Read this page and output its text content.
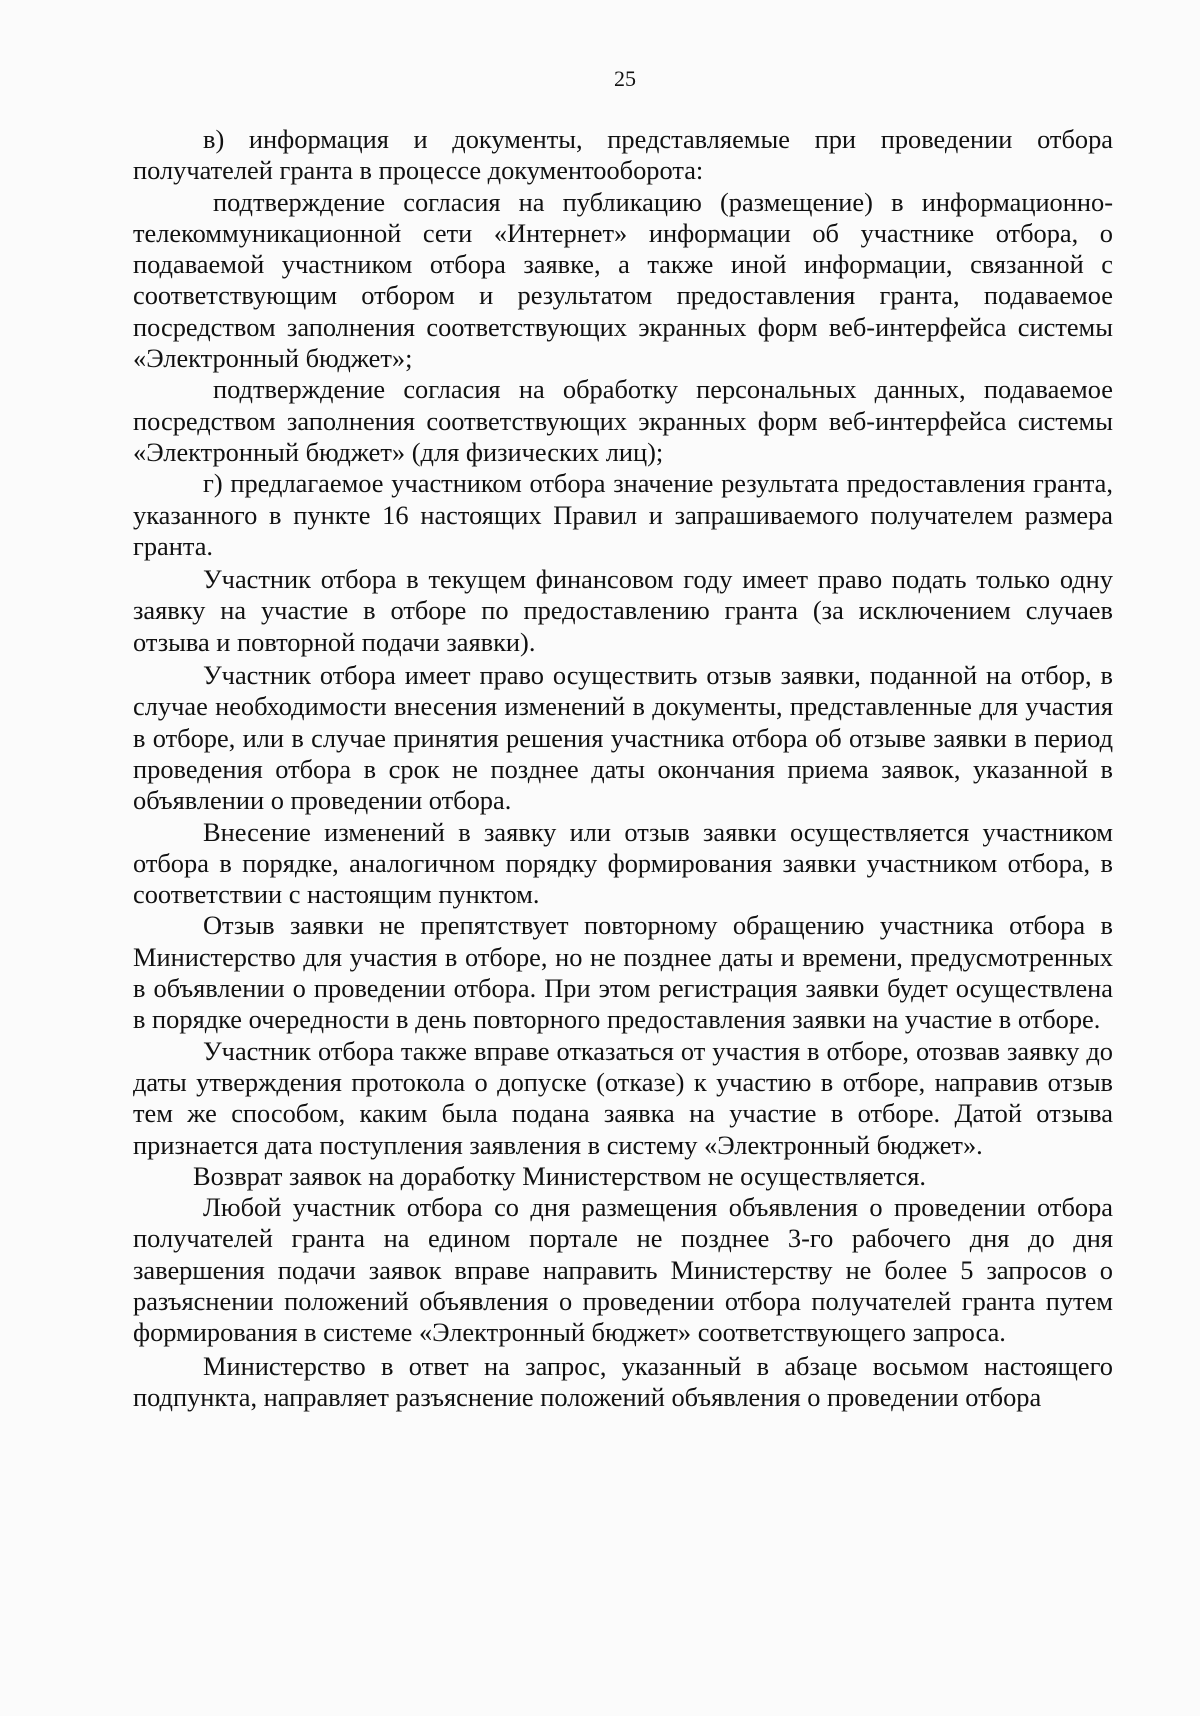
25

в) информация и документы, представляемые при проведении отбора получателей гранта в процессе документооборота:

подтверждение согласия на публикацию (размещение) в информационно-телекоммуникационной сети «Интернет» информации об участнике отбора, о подаваемой участником отбора заявке, а также иной информации, связанной с соответствующим отбором и результатом предоставления гранта, подаваемое посредством заполнения соответствующих экранных форм веб-интерфейса системы «Электронный бюджет»;

подтверждение согласия на обработку персональных данных, подаваемое посредством заполнения соответствующих экранных форм веб-интерфейса системы «Электронный бюджет» (для физических лиц);

г) предлагаемое участником отбора значение результата предоставления гранта, указанного в пункте 16 настоящих Правил и запрашиваемого получателем размера гранта.

Участник отбора в текущем финансовом году имеет право подать только одну заявку на участие в отборе по предоставлению гранта (за исключением случаев отзыва и повторной подачи заявки).

Участник отбора имеет право осуществить отзыв заявки, поданной на отбор, в случае необходимости внесения изменений в документы, представленные для участия в отборе, или в случае принятия решения участника отбора об отзыве заявки в период проведения отбора в срок не позднее даты окончания приема заявок, указанной в объявлении о проведении отбора.

Внесение изменений в заявку или отзыв заявки осуществляется участником отбора в порядке, аналогичном порядку формирования заявки участником отбора, в соответствии с настоящим пунктом.

Отзыв заявки не препятствует повторному обращению участника отбора в Министерство для участия в отборе, но не позднее даты и времени, предусмотренных в объявлении о проведении отбора. При этом регистрация заявки будет осуществлена в порядке очередности в день повторного предоставления заявки на участие в отборе.

Участник отбора также вправе отказаться от участия в отборе, отозвав заявку до даты утверждения протокола о допуске (отказе) к участию в отборе, направив отзыв тем же способом, каким была подана заявка на участие в отборе. Датой отзыва признается дата поступления заявления в систему «Электронный бюджет».

Возврат заявок на доработку Министерством не осуществляется.

Любой участник отбора со дня размещения объявления о проведении отбора получателей гранта на едином портале не позднее 3-го рабочего дня до дня завершения подачи заявок вправе направить Министерству не более 5 запросов о разъяснении положений объявления о проведении отбора получателей гранта путем формирования в системе «Электронный бюджет» соответствующего запроса.

Министерство в ответ на запрос, указанный в абзаце восьмом настоящего подпункта, направляет разъяснение положений объявления о проведении отбора
